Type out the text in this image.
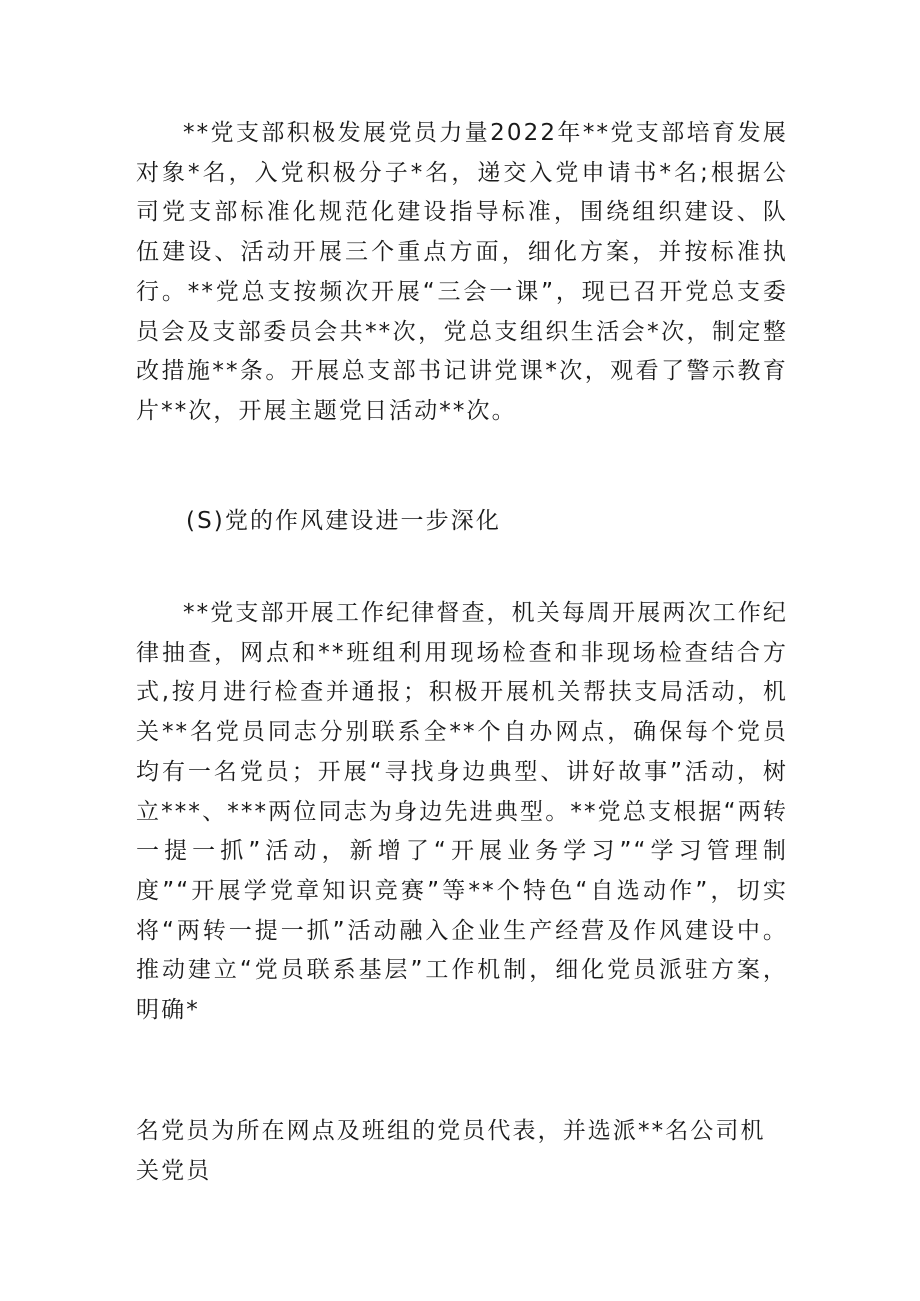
**党支部积极发展党员力量2022年**党支部培育发展对象*名，入党积极分子*名，递交入党申请书*名;根据公司党支部标准化规范化建设指导标准，围绕组织建设、队伍建设、活动开展三个重点方面，细化方案，并按标准执行。**党总支按频次开展“三会一课”，现已召开党总支委员会及支部委员会共**次，党总支组织生活会*次，制定整改措施**条。开展总支部书记讲党课*次，观看了警示教育片**次，开展主题党日活动**次。

(S)党的作风建设进一步深化

**党支部开展工作纪律督查，机关每周开展两次工作纪律抽查，网点和**班组利用现场检查和非现场检查结合方式,按月进行检查并通报；积极开展机关帮扶支局活动，机关**名党员同志分别联系全**个自办网点，确保每个党员均有一名党员；开展“寻找身边典型、讲好故事”活动，树立***、***两位同志为身边先进典型。**党总支根据“两转一提一抓”活动，新增了“开展业务学习”“学习管理制度”“开展学党章知识竞赛”等**个特色“自选动作”，切实将“两转一提一抓”活动融入企业生产经营及作风建设中。推动建立“党员联系基层”工作机制，细化党员派驻方案，明确*

名党员为所在网点及班组的党员代表，并选派**名公司机关党员
